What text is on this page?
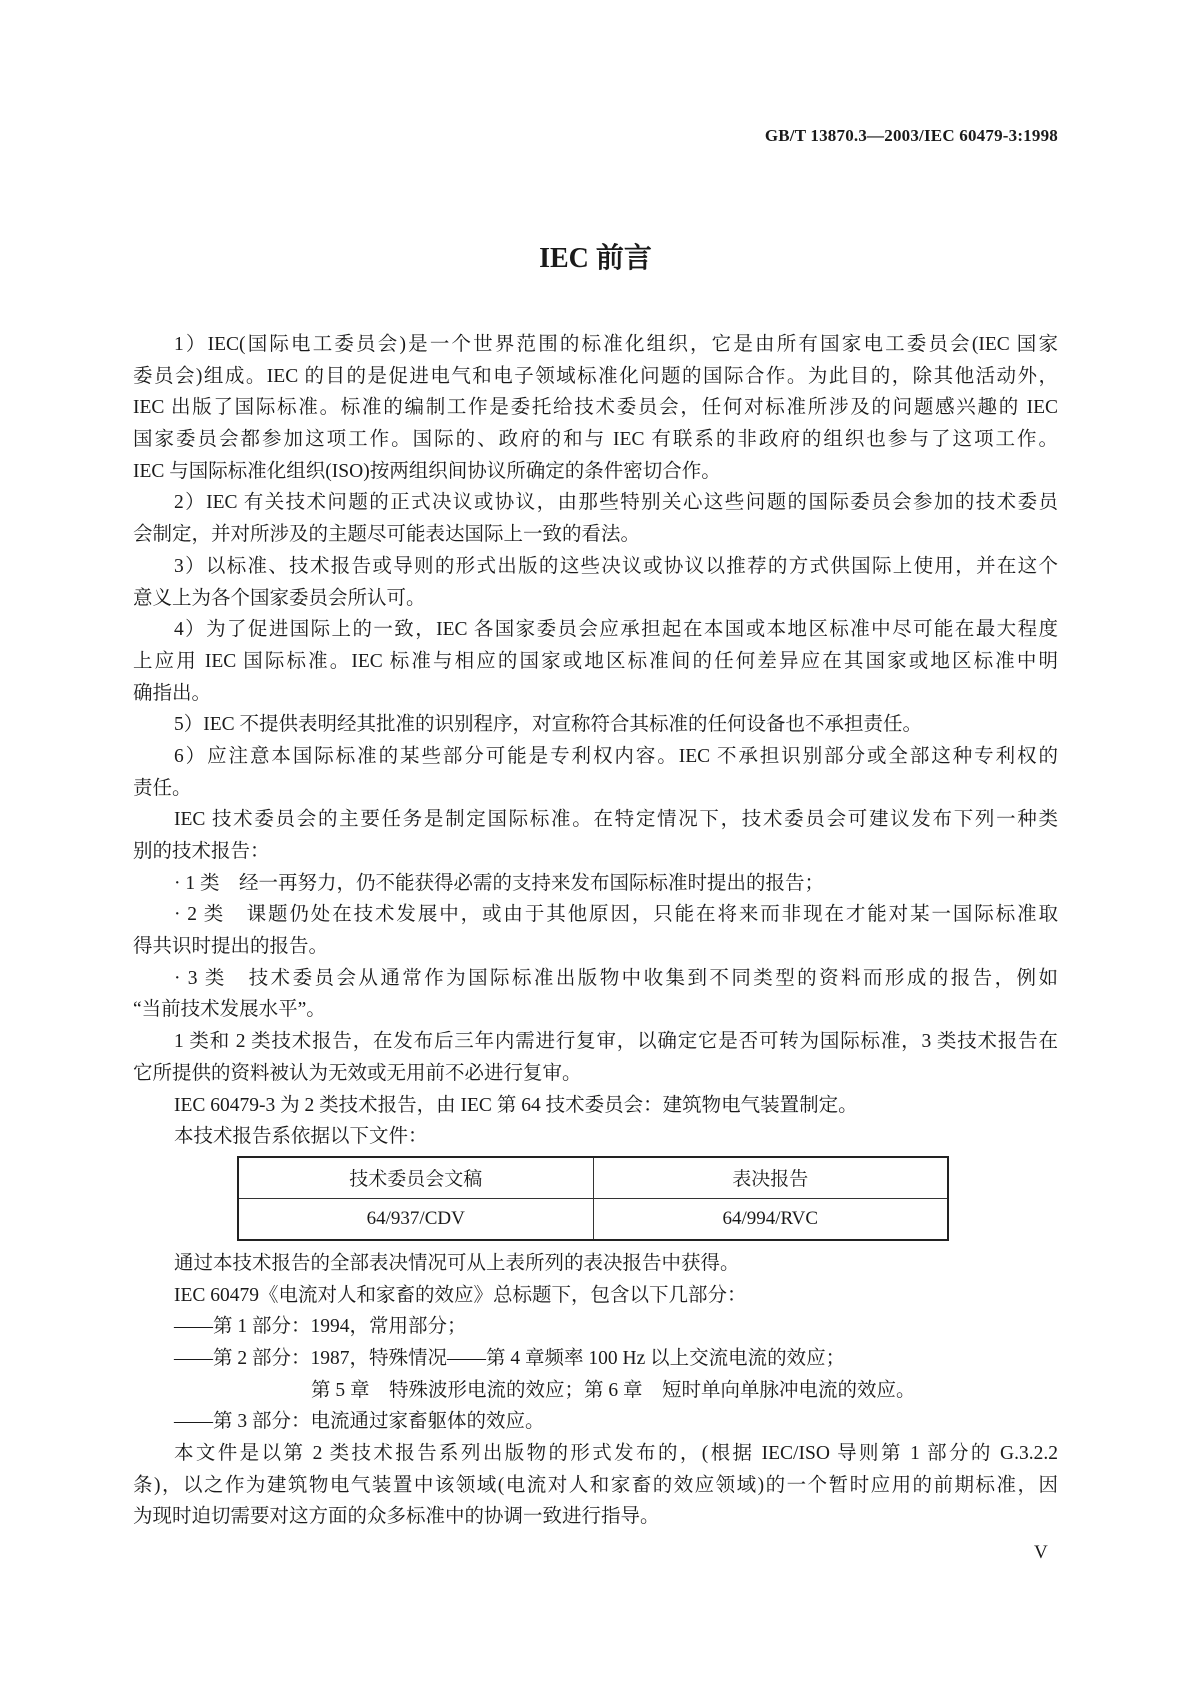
GB/T 13870.3—2003/IEC 60479-3:1998
IEC 前言
1）IEC(国际电工委员会)是一个世界范围的标准化组织，它是由所有国家电工委员会(IEC 国家
委员会)组成。IEC 的目的是促进电气和电子领域标准化问题的国际合作。为此目的，除其他活动外，
IEC 出版了国际标准。标准的编制工作是委托给技术委员会，任何对标准所涉及的问题感兴趣的 IEC
国家委员会都参加这项工作。国际的、政府的和与 IEC 有联系的非政府的组织也参与了这项工作。
IEC 与国际标准化组织(ISO)按两组织间协议所确定的条件密切合作。
2）IEC 有关技术问题的正式决议或协议，由那些特别关心这些问题的国际委员会参加的技术委员
会制定，并对所涉及的主题尽可能表达国际上一致的看法。
3）以标准、技术报告或导则的形式出版的这些决议或协议以推荐的方式供国际上使用，并在这个
意义上为各个国家委员会所认可。
4）为了促进国际上的一致，IEC 各国家委员会应承担起在本国或本地区标准中尽可能在最大程度
上应用 IEC 国际标准。IEC 标准与相应的国家或地区标准间的任何差异应在其国家或地区标准中明
确指出。
5）IEC 不提供表明经其批准的识别程序，对宣称符合其标准的任何设备也不承担责任。
6）应注意本国际标准的某些部分可能是专利权内容。IEC 不承担识别部分或全部这种专利权的
责任。
IEC 技术委员会的主要任务是制定国际标准。在特定情况下，技术委员会可建议发布下列一种类
别的技术报告：
· 1 类　经一再努力，仍不能获得必需的支持来发布国际标准时提出的报告；
· 2 类　课题仍处在技术发展中，或由于其他原因，只能在将来而非现在才能对某一国际标准取
得共识时提出的报告。
· 3 类　技术委员会从通常作为国际标准出版物中收集到不同类型的资料而形成的报告，例如
“当前技术发展水平”。
1 类和 2 类技术报告，在发布后三年内需进行复审，以确定它是否可转为国际标准，3 类技术报告在
它所提供的资料被认为无效或无用前不必进行复审。
IEC 60479-3 为 2 类技术报告，由 IEC 第 64 技术委员会：建筑物电气装置制定。
本技术报告系依据以下文件：
技术委员会文稿	表决报告
64/937/CDV	64/994/RVC
通过本技术报告的全部表决情况可从上表所列的表决报告中获得。
IEC 60479《电流对人和家畜的效应》总标题下，包含以下几部分：
——第 1 部分：1994，常用部分；
——第 2 部分：1987，特殊情况——第 4 章频率 100 Hz 以上交流电流的效应；
第 5 章　特殊波形电流的效应；第 6 章　短时单向单脉冲电流的效应。
——第 3 部分：电流通过家畜躯体的效应。
本文件是以第 2 类技术报告系列出版物的形式发布的，(根据 IEC/ISO 导则第 1 部分的 G.3.2.2
条)，以之作为建筑物电气装置中该领域(电流对人和家畜的效应领域)的一个暂时应用的前期标准，因
为现时迫切需要对这方面的众多标准中的协调一致进行指导。
V
